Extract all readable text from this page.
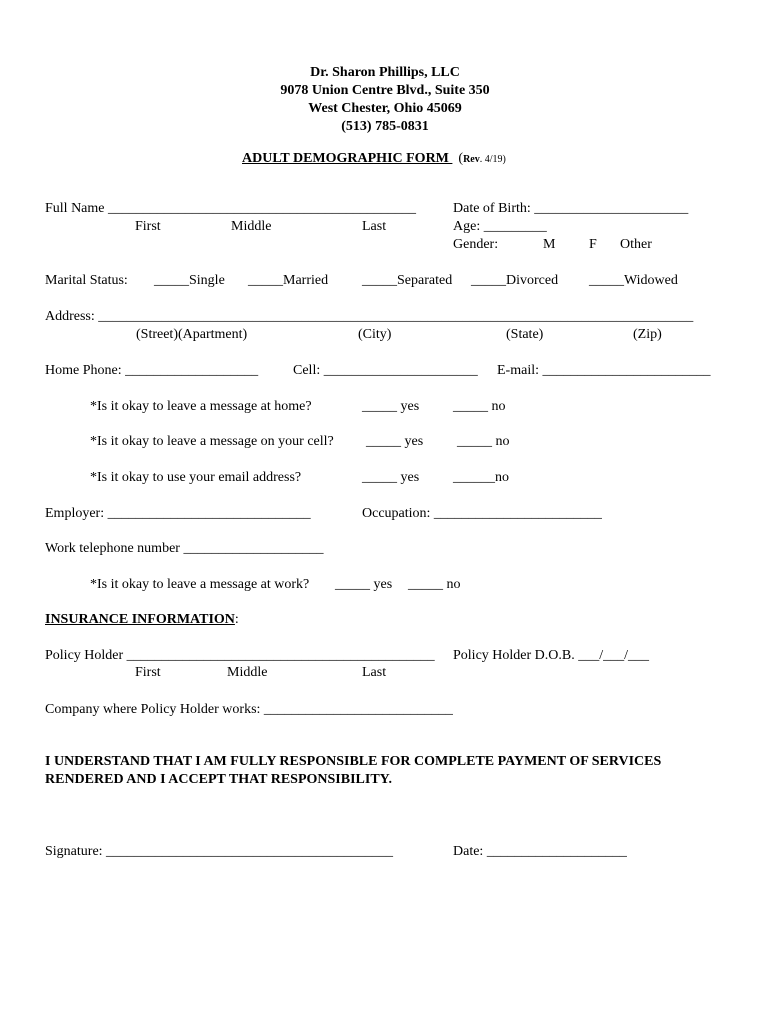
Dr. Sharon Phillips, LLC
9078 Union Centre Blvd., Suite 350
West Chester, Ohio 45069
(513) 785-0831
ADULT DEMOGRAPHIC FORM (Rev. 4/19)
Full Name ____________________________________________
First	Middle	Last
Date of Birth: ______________________
Age: _________
Gender:	M F Other
Marital Status: _____Single _____Married _____Separated _____Divorced _____Widowed
Address: _____________________________________________________________________________________
(Street)(Apartment)	(City)	(State)	(Zip)
Home Phone: ___________________ Cell: ______________________ E-mail: ________________________
*Is it okay to leave a message at home?	_____ yes _____ no
*Is it okay to leave a message on your cell? _____ yes _____ no
*Is it okay to use your email address?	_____ yes ______no
Employer: _____________________________	Occupation: ________________________
Work telephone number ____________________
*Is it okay to leave a message at work? _____ yes _____ no
INSURANCE INFORMATION:
Policy Holder ____________________________________________
First	Middle	Last
Policy Holder D.O.B. ___/___/___
Company where Policy Holder works: ___________________________
I UNDERSTAND THAT I AM FULLY RESPONSIBLE FOR COMPLETE PAYMENT OF SERVICES
RENDERED AND I ACCEPT THAT RESPONSIBILITY.
Signature: _________________________________________	Date: ____________________
